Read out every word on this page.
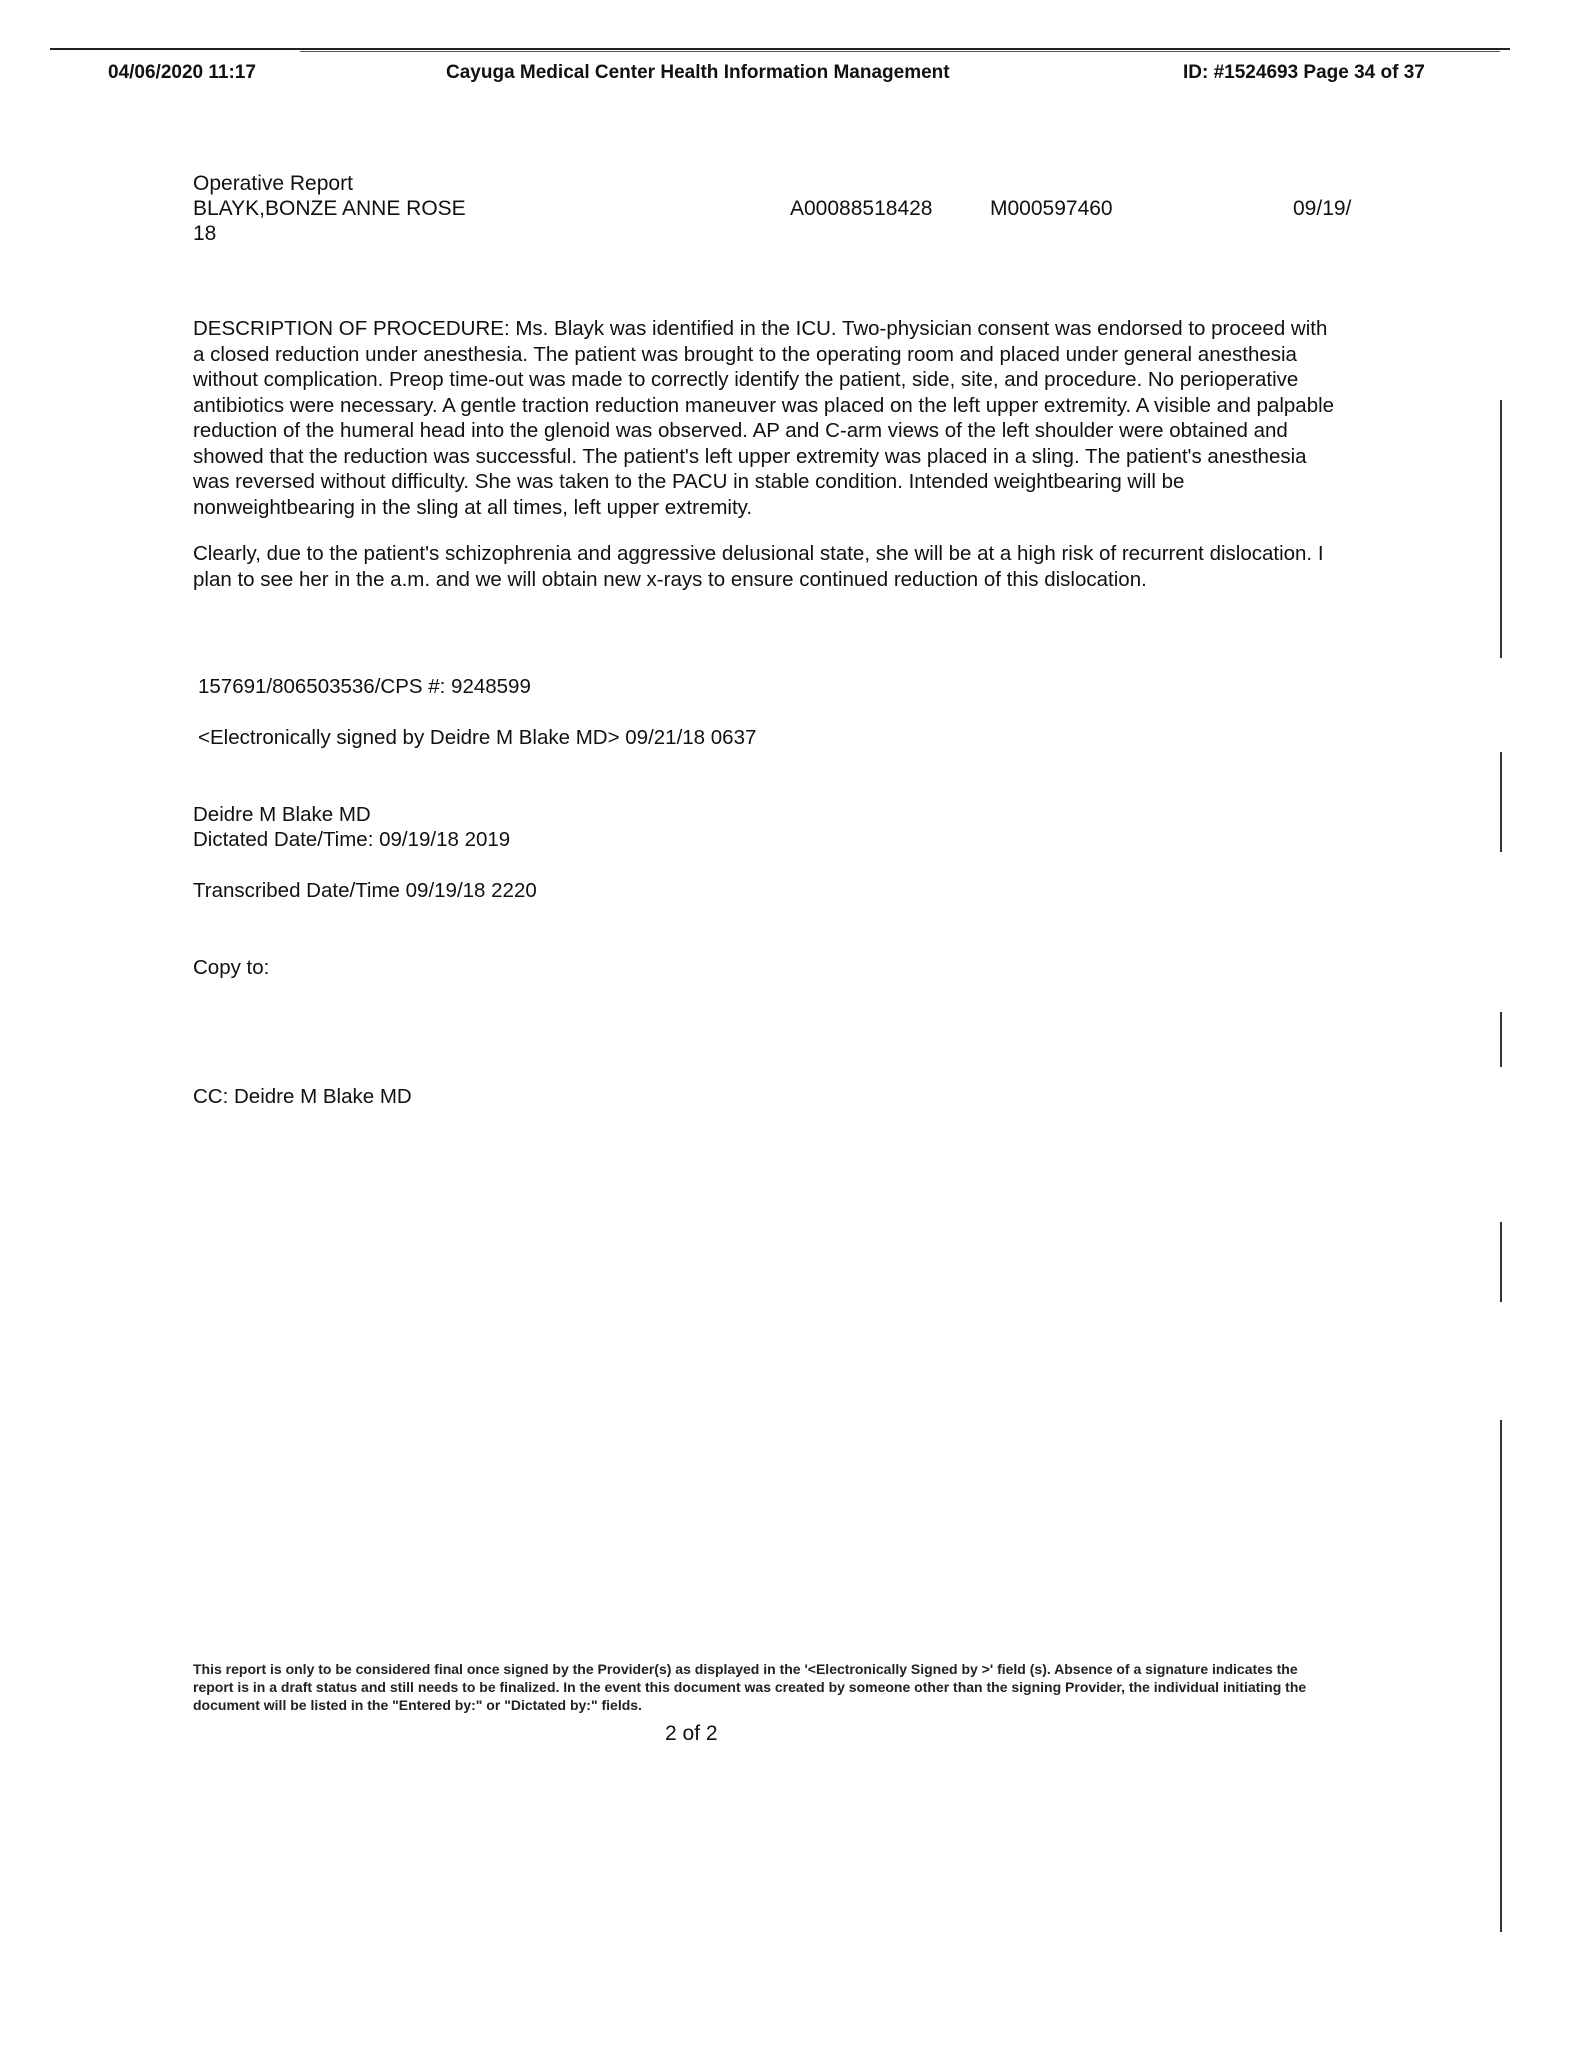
04/06/2020 11:17	Cayuga Medical Center Health Information Management	ID: #1524693 Page 34 of 37
Operative Report
BLAYK,BONZE ANNE ROSE	A00088518428	M000597460	09/19/
18

DESCRIPTION OF PROCEDURE: Ms. Blayk was identified in the ICU. Two-physician consent was endorsed to proceed with a closed reduction under anesthesia. The patient was brought to the operating room and placed under general anesthesia without complication. Preop time-out was made to correctly identify the patient, side, site, and procedure. No perioperative antibiotics were necessary. A gentle traction reduction maneuver was placed on the left upper extremity. A visible and palpable reduction of the humeral head into the glenoid was observed. AP and C-arm views of the left shoulder were obtained and showed that the reduction was successful. The patient's left upper extremity was placed in a sling. The patient's anesthesia was reversed without difficulty. She was taken to the PACU in stable condition. Intended weightbearing will be nonweightbearing in the sling at all times, left upper extremity.

Clearly, due to the patient's schizophrenia and aggressive delusional state, she will be at a high risk of recurrent dislocation. I plan to see her in the a.m. and we will obtain new x-rays to ensure continued reduction of this dislocation.

157691/806503536/CPS #: 9248599
<Electronically signed by Deidre M Blake MD> 09/21/18 0637
Deidre M Blake MD
Dictated Date/Time: 09/19/18 2019
Transcribed Date/Time 09/19/18 2220
Copy to:
CC: Deidre M Blake MD
This report is only to be considered final once signed by the Provider(s) as displayed in the '<Electronically Signed by >' field (s). Absence of a signature indicates the report is in a draft status and still needs to be finalized. In the event this document was created by someone other than the signing Provider, the individual initiating the document will be listed in the "Entered by:" or "Dictated by:" fields.
2 of 2
